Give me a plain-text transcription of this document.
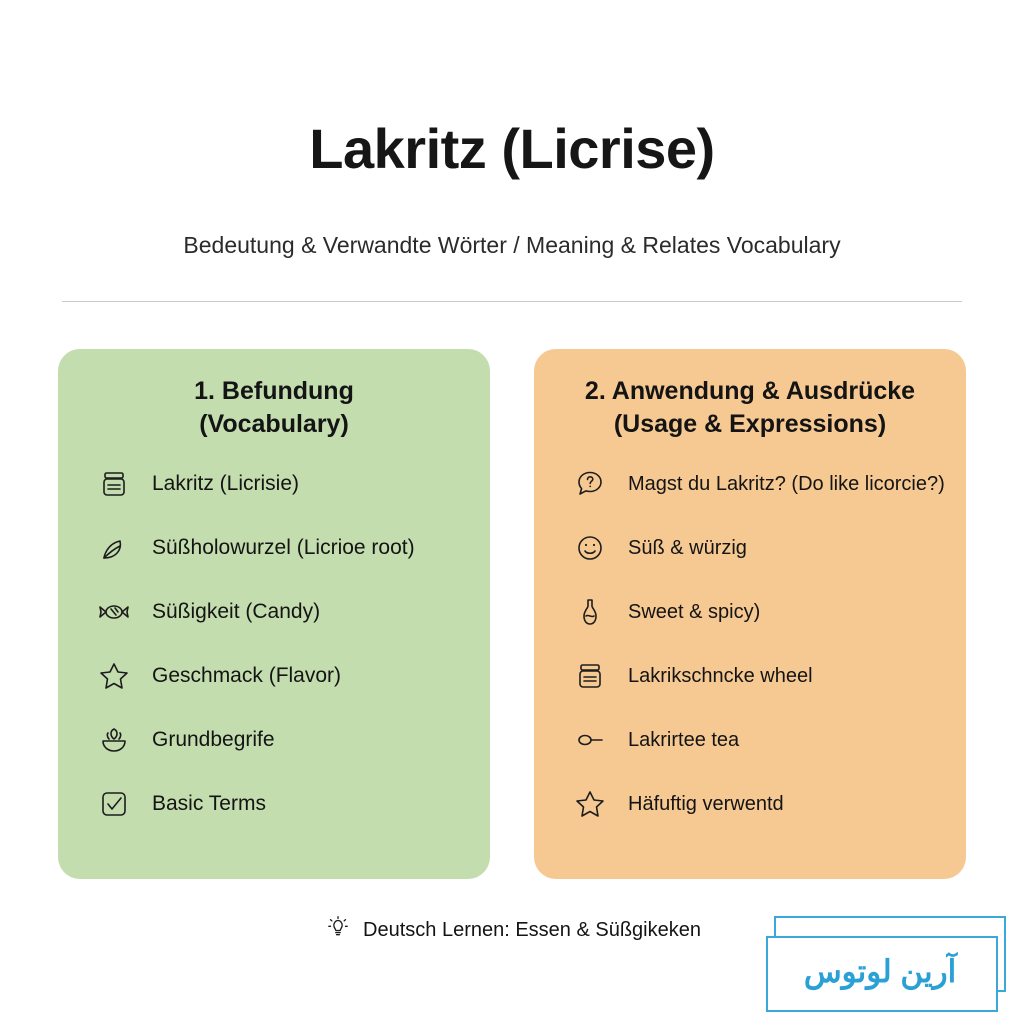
Lakritz (Licrise)

Bedeutung & Verwandte Wörter / Meaning & Relates Vocabulary

1. Befundung
(Vocabulary)
Lakritz (Licrisie)
Süßholowurzel (Licrioe root)
Süßigkeit (Candy)
Geschmack (Flavor)
Grundbegrife
Basic Terms
2. Anwendung & Ausdrücke
(Usage & Expressions)
Magst du Lakritz? (Do like licorcie?)
Süß & würzig
Sweet & spicy)
Lakrikschncke wheel
Lakrirtee tea
Häfuftig verwentd
Deutsch Lernen: Essen & Süßgikeken
آرین لوتوس
